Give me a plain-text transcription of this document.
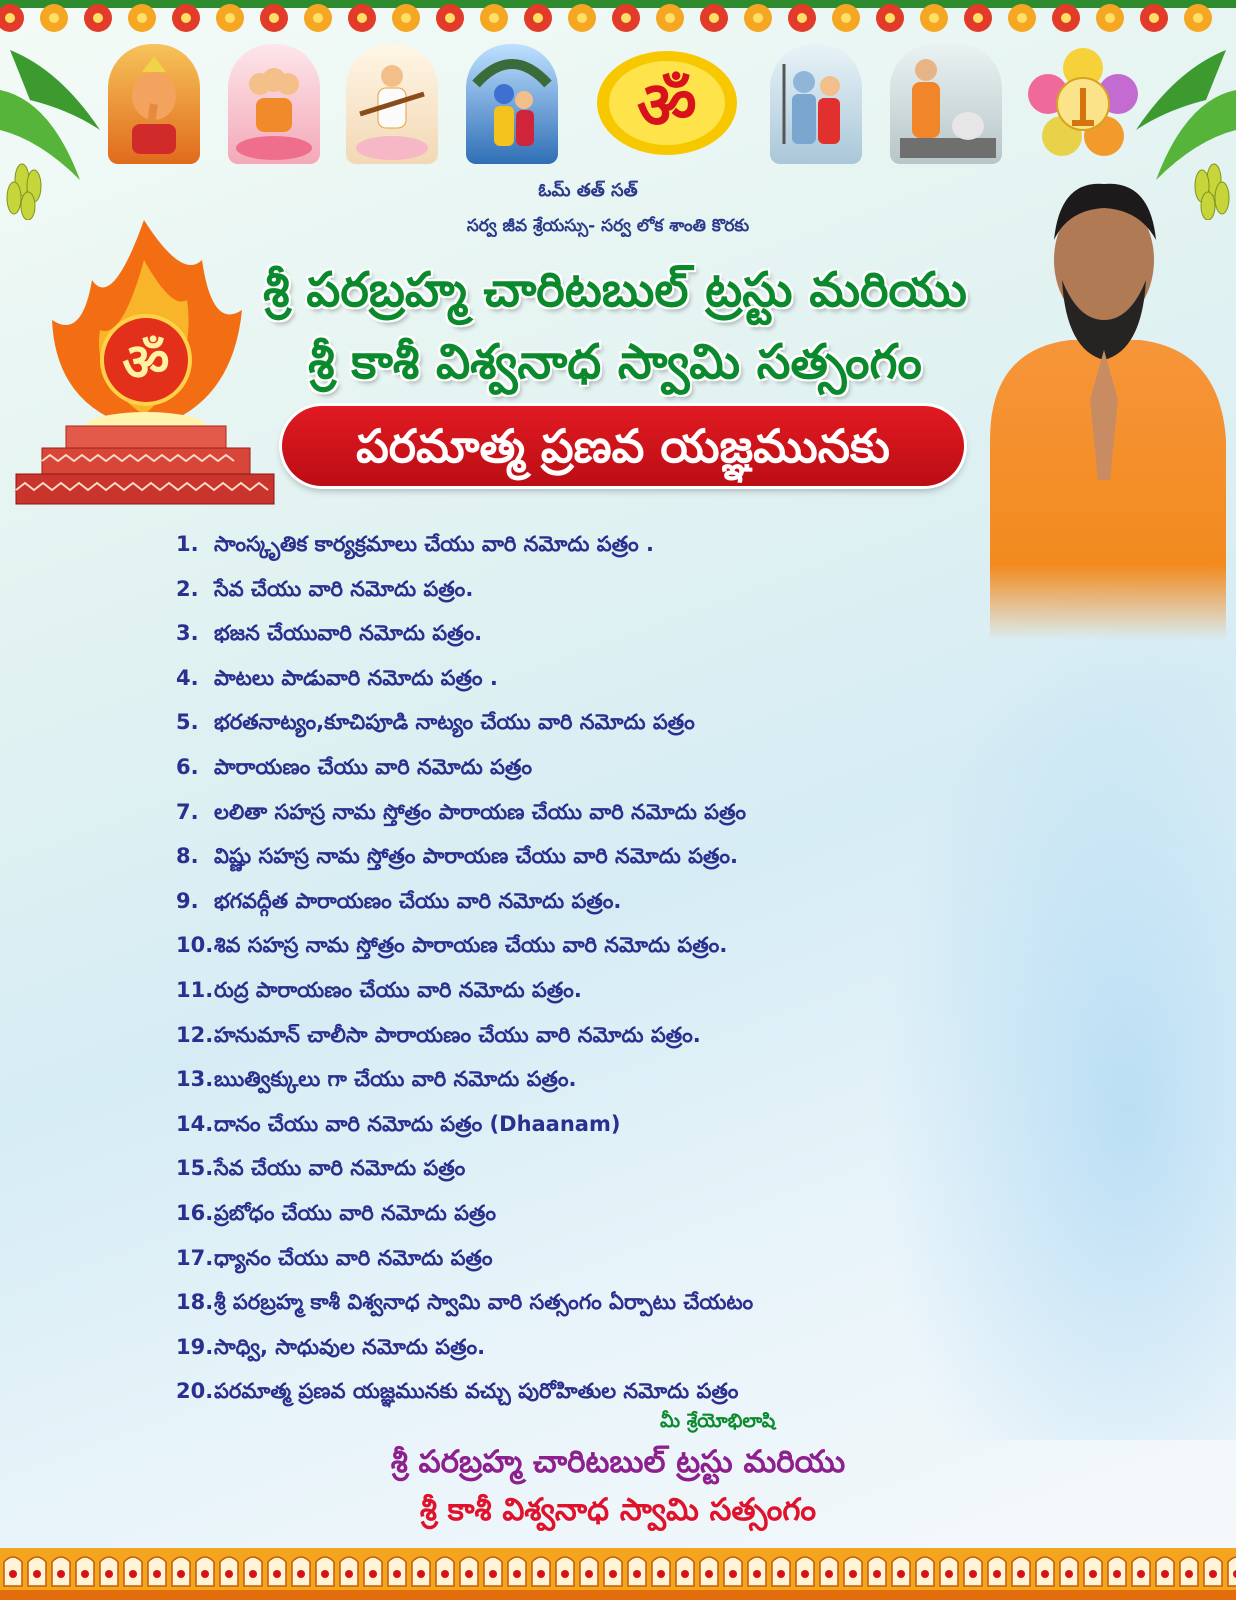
ॐ
ఓమ్ తత్ సత్
సర్వ జీవ శ్రేయస్సు- సర్వ లోక శాంతి కొరకు
శ్రీ పరబ్రహ్మ చారిటబుల్ ట్రస్టు మరియు
శ్రీ కాశీ విశ్వనాధ స్వామి సత్సంగం
పరమాత్మ ప్రణవ యజ్ఞమునకు
ॐ
1. సాంస్కృతిక కార్యక్రమాలు చేయు వారి నమోదు పత్రం .
2. సేవ చేయు వారి నమోదు పత్రం.
3. భజన చేయువారి నమోదు పత్రం.
4. పాటలు పాడువారి నమోదు పత్రం .
5. భరతనాట్యం,కూచిపూడి నాట్యం చేయు వారి నమోదు పత్రం
6. పారాయణం చేయు వారి నమోదు పత్రం
7. లలితా సహస్ర నామ స్తోత్రం పారాయణ చేయు వారి నమోదు పత్రం
8. విష్ణు సహస్ర నామ స్తోత్రం పారాయణ చేయు వారి నమోదు పత్రం.
9. భగవద్గీత పారాయణం చేయు వారి నమోదు పత్రం.
10.శివ సహస్ర నామ స్తోత్రం పారాయణ చేయు వారి నమోదు పత్రం.
11.రుద్ర పారాయణం చేయు వారి నమోదు పత్రం.
12.హనుమాన్ చాలీసా పారాయణం చేయు వారి నమోదు పత్రం.
13.ఋత్విక్కులు గా చేయు వారి నమోదు పత్రం.
14.దానం చేయు వారి నమోదు పత్రం (Dhaanam)
15.సేవ చేయు వారి నమోదు పత్రం
16.ప్రబోధం చేయు వారి నమోదు పత్రం
17.ధ్యానం చేయు వారి నమోదు పత్రం
18.శ్రీ పరబ్రహ్మ కాశీ విశ్వనాధ స్వామి వారి సత్సంగం ఏర్పాటు చేయటం
19.సాధ్వి, సాధువుల నమోదు పత్రం.
20.పరమాత్మ ప్రణవ యజ్ఞమునకు వచ్చు పురోహితుల నమోదు పత్రం
మీ శ్రేయోభిలాషి
శ్రీ పరబ్రహ్మ చారిటబుల్ ట్రస్టు మరియు
శ్రీ కాశీ విశ్వనాధ స్వామి సత్సంగం
